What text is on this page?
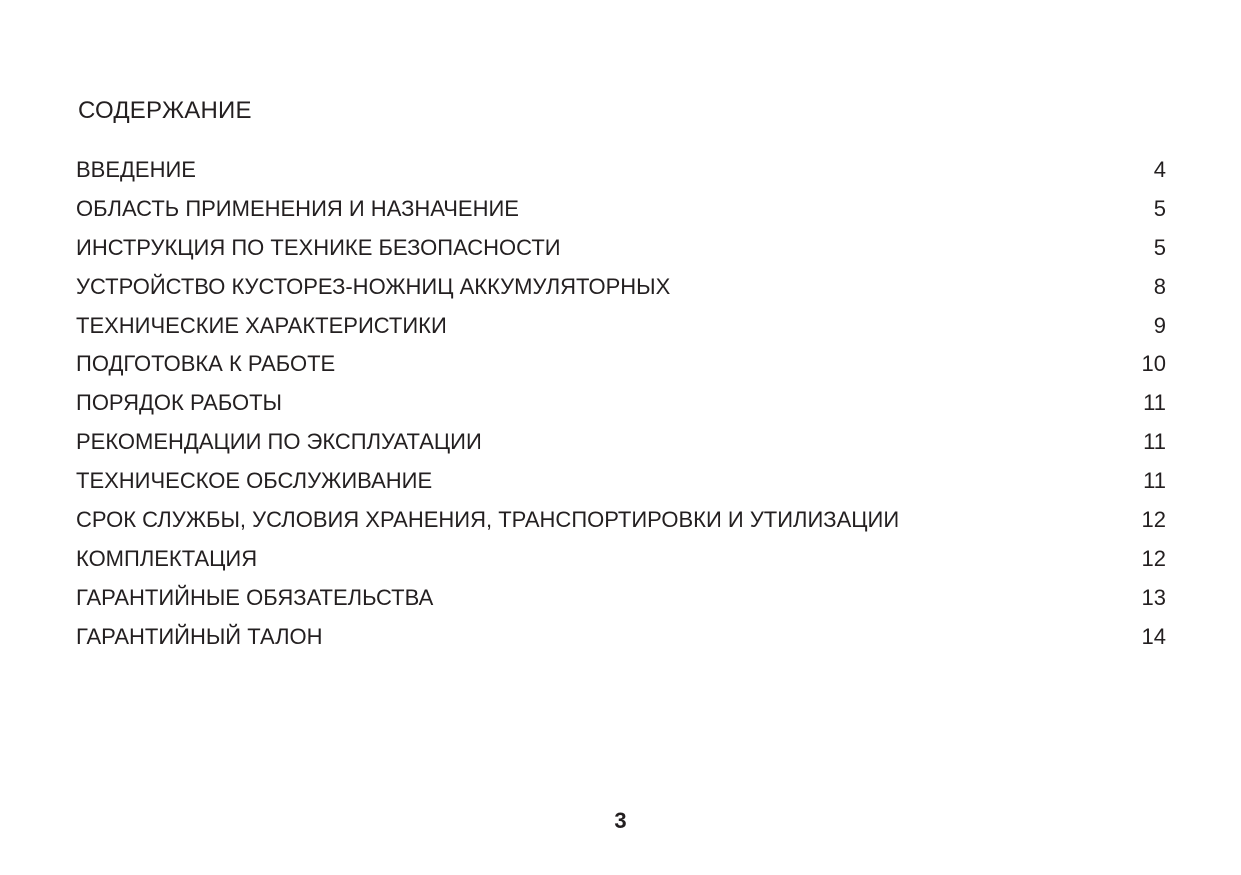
СОДЕРЖАНИЕ
ВВЕДЕНИЕ	4
ОБЛАСТЬ ПРИМЕНЕНИЯ И НАЗНАЧЕНИЕ	5
ИНСТРУКЦИЯ ПО ТЕХНИКЕ БЕЗОПАСНОСТИ	5
УСТРОЙСТВО КУСТОРЕЗ-НОЖНИЦ АККУМУЛЯТОРНЫХ	8
ТЕХНИЧЕСКИЕ ХАРАКТЕРИСТИКИ	9
ПОДГОТОВКА К РАБОТЕ	10
ПОРЯДОК РАБОТЫ	11
РЕКОМЕНДАЦИИ ПО ЭКСПЛУАТАЦИИ	11
ТЕХНИЧЕСКОЕ ОБСЛУЖИВАНИЕ	11
СРОК СЛУЖБЫ, УСЛОВИЯ ХРАНЕНИЯ, ТРАНСПОРТИРОВКИ И УТИЛИЗАЦИИ	12
КОМПЛЕКТАЦИЯ	12
ГАРАНТИЙНЫЕ ОБЯЗАТЕЛЬСТВА	13
ГАРАНТИЙНЫЙ ТАЛОН	14
3
